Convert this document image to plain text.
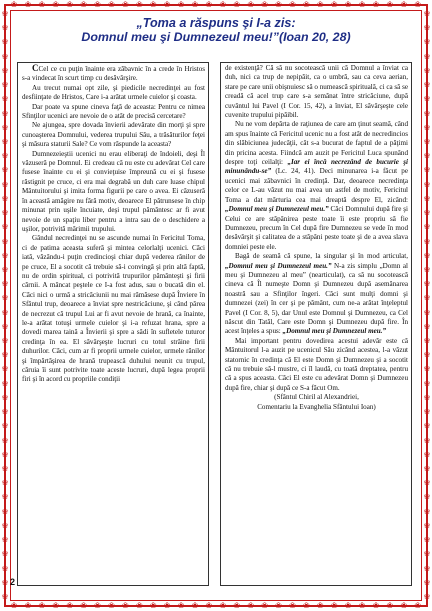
❀ ❀ ❀ ❀ ❀ ❀ ❀ ❀ ❀ ❀ ❀ ❀ ❀ ❀ ❀ ❀ ❀ ❀ ❀ ❀ ❀ ❀ ❀ ❀ ❀ ❀ ❀ ❀ ❀ ❀
❀ ❀ ❀ ❀ ❀ ❀ ❀ ❀ ❀ ❀ ❀ ❀ ❀ ❀ ❀ ❀ ❀ ❀ ❀ ❀ ❀ ❀ ❀ ❀ ❀ ❀ ❀ ❀ ❀ ❀
❀
❀
❀
❀
❀
❀
❀
❀
❀
❀
❀
❀
❀
❀
❀
❀
❀
❀
❀
❀
❀
❀
❀
❀
❀
❀
❀
❀
❀
❀
❀
❀
❀
❀
❀
❀
❀
❀
❀
❀
❀
❀
❀
❀
❀
❀
❀
❀
❀
❀
❀
❀
❀
❀
❀
❀
❀
❀
❀
❀
❀
❀
❀
❀
❀
❀
❀
❀
❀
❀
❀
❀
❀
❀
❀
❀
❀
❀
❀
❀
❀
❀
❀
❀
„Toma a răspuns şi I-a zis:
Domnul meu şi Dumnezeul meu!”(Ioan 20, 28)

CCel ce cu puţin înainte era zăbavnic în a crede în Hristos s-a vindecat în scurt timp cu desăvârşire.

Au trecut numai opt zile, şi piedicile necredinţei au fost desfiinţate de Hristos, Care i-a arătat urmele cuielor şi coasta.

Dar poate va spune cineva faţă de aceasta: Pentru ce nimea Sfinţilor ucenici are nevoie de o atât de precisă cercetare?

Ne ajungea, spre dovada învierii adevărate din morţi şi spre cunoaşterea Domnului, vederea trupului Său, a trăsăturilor feţei şi măsura staturii Sale? Ce vom răspunde la aceasta?

Dumnezeieştii ucenici nu erau eliberaţi de îndoieli, deşi Îl văzuseră pe Domnul. Ei credeau că nu este cu adevărat Cel care fusese înainte cu ei şi convieţuise împreună cu ei şi fusese răstignit pe cruce, ci era mai degrabă un duh care luase chipul Mântuitorului şi imita forma figurii pe care o avea. Ei căzuseră în aceastǎ amăgire nu fără motiv, deoarece El pătrunsese în chip minunat prin uşile încuiate, deşi trupul pământesc ar fi avut nevoie de un spaţiu liber pentru a intra sau de o deschidere a uşilor, potrivită mărimii trupului.

Gândul necredinţei nu se ascunde numai în Fericitul Toma, ci de patima aceasta suferă şi mintea celorlalţi ucenici. Căci iată, văzându-i puţin credincioşi chiar după vederea rănilor de pe cruce, El a socotit că trebuie să-i convingă şi prin altă faptă, nu de ordin spiritual, ci potrivită trupurilor pământeşti şi firii cărnii. A mâncat peştele ce I-a fost adus, sau o bucată din el. Căci nici o urmă a stricăciunii nu mai rămăsese după Înviere în Sfântul trup, deoarece a înviat spre nestricăciune, şi când pârea de necrezut că trupul Lui ar fi avut nevoie de hrană, ca înainte, le-a arătat totuşi urmele cuielor şi i-a refuzat hrana, spre a dovedi marea taină a Învierii şi spre a sădi în sufletele tuturor credinţa în ea. El săvârşeşte lucruri cu totul străine firii duhurilor. Căci, cum ar fi proprii urmele cuielor, urmele rănilor şi împărtăşirea de hrană trupească duhului neunit cu trupul, căruia îi sunt potrivite toate aceste lucruri, după legea proprii firi şi în acord cu propriile condiţii

de existenţă? Că să nu socotească unii că Domnul a înviat ca duh, nici ca trup de nepipăit, ca o umbră, sau ca ceva aerian, stare pe care unii obişnuiesc să o numească spirituală, ci ca să se creadă că acel trup care s-a semănat între stricăciune, după cuvântul lui Pavel (I Cor. 15, 42), a înviat, El săvârşeşte cele cuvenite trupului pipăibil.

Nu ne vom depărta de raţiunea de care am ţinut seamă, când am spus înainte că Fericitul ucenic nu a fost atât de necredincios din slăbiciunea judecăţii, cât s-a bucurat de faptul de a păţimi din pricina acesta. Fiindcă am auzit pe Fericitul Luca spunând despre toţi ceilalţi: „Iar ei încă necrezând de bucurie şi minunându-se” (Lc. 24, 41). Deci minunarea i-a făcut pe ucenici mai zăbavnici în credinţă. Dar, deoarece necredinţa celor ce L-au văzut nu mai avea un astfel de motiv, Fericitul Toma a dat mărturia cea mai dreaptă despre El, zicând: „Domnul meu şi Dumnezeul meu.” Căci Domnului după fire şi Celui ce are stăpânirea peste toate îi este propriu să fie Dumnezeu, precum în Cel după fire Dumnezeu se vede în mod desăvârşit şi calitatea de a stăpâni peste toate şi de a avea slava domniei peste ele.

Bagă de seamă că spune, la singular şi în mod articulat, „Domnul meu şi Dumnezeul meu.” N-a zis simplu „Domn al meu şi Dumnezeu al meu” (nearticulat), ca să nu socotească cineva că Îl numeşte Domn şi Dumnezeu după asemănarea noastră sau a Sfinţilor îngeri. Căci sunt mulţi domni şi dumnezei (zei) în cer şi pe pământ, cum ne-a arătat înţeleptul Pavel (I Cor. 8, 5), dar Unul este Domnul şi Dumnezeu, ca Cel născut din Tatăl, Care este Domn şi Dumnezeu după fire. În acest înţeles a spus: „Domnul meu şi Dumnezeul meu.”

Mai important pentru dovedirea acestui adevăr este că Mântuitorul l-a auzit pe ucenicul Său zicând acestea, l-a văzut statornic în credinţa că El este Domn şi Dumnezeu şi a socotit că nu trebuie să-l mustre, ci îl laudă, cu toată dreptatea, pentru că a spus aceasta. Căci El este cu adevărat Domn şi Dumnezeu după fire, chiar şi după ce S-a făcut Om.

(Sfântul Chiril al Alexandriei,

Comentariu la Evanghelia Sfântului Ioan)

2
